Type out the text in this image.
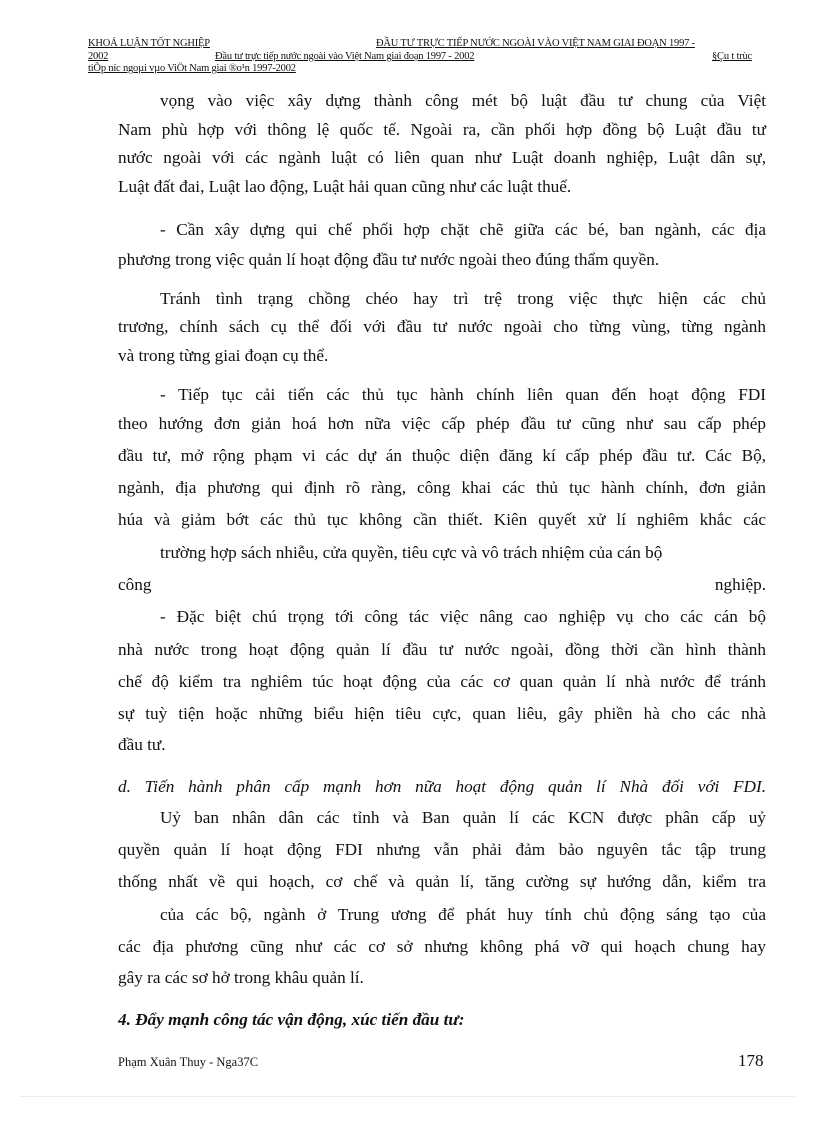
KHOÁ LUẬN TỐT NGHIỆP	ĐẦU TƯ TRỰC TIẾP NƯỚC NGOÀI VÀO VIỆT NAM GIAI ĐOẠN 1997 -
2002	Đầu tư trực tiếp nước ngoài vào Việt Nam giai đoạn 1997 - 2002	§Çu t trùc
tiÕp níc ngoµi vµo ViÖt Nam giai ®o¹n 1997-2002
vọng vào việc xây dựng thành công mét bộ luật đầu tư chung của Việt
Nam phù hợp với thông lệ quốc tế. Ngoài ra, cần phối hợp đồng bộ Luật đầu tư
nước ngoài với các ngành luật có liên quan như Luật doanh nghiệp, Luật dân sự,
Luật đất đai, Luật lao động, Luật hải quan cũng như các luật thuế.
- Cần xây dựng qui chế phối hợp chặt chẽ giữa các bé, ban ngành, các địa
phương trong việc quản lí hoạt động đầu tư nước ngoài theo đúng thẩm quyền.
Tránh tình trạng chồng chéo hay trì trệ trong việc thực hiện các chủ
trương, chính sách cụ thể đối với đầu tư nước ngoài cho từng vùng, từng ngành
và trong từng giai đoạn cụ thể.
- Tiếp tục cải tiến các thủ tục hành chính liên quan đến hoạt động FDI
theo hướng đơn giản hoá hơn nữa việc cấp phép đầu tư cũng như sau cấp phép
đầu tư, mở rộng phạm vi các dự án thuộc diện đăng kí cấp phép đầu tư. Các Bộ,
ngành, địa phương qui định rõ ràng, công khai các thủ tục hành chính, đơn giản
húa và giảm bớt các thủ tục không cần thiết. Kiên quyết xử lí nghiêm khắc các
trường hợp sách nhiễu, cửa quyền, tiêu cực và vô trách nhiệm của cán bộ
công nghiệp.
- Đặc biệt chú trọng tới công tác việc nâng cao nghiệp vụ cho các cán bộ
nhà nước trong hoạt động quản lí đầu tư nước ngoài, đồng thời cần hình thành
chế độ kiểm tra nghiêm túc hoạt động của các cơ quan quản lí nhà nước để tránh
sự tuỳ tiện hoặc những biểu hiện tiêu cực, quan liêu, gây phiền hà cho các nhà
đầu tư.
d. Tiến hành phân cấp mạnh hơn nữa hoạt động quản lí Nhà đối với FDI.
Uỷ ban nhân dân các tỉnh và Ban quản lí các KCN được phân cấp uỷ
quyền quản lí hoạt động FDI nhưng vẫn phải đảm bảo nguyên tắc tập trung
thống nhất về qui hoạch, cơ chế và quản lí, tăng cường sự hướng dẫn, kiểm tra
của các bộ, ngành ở Trung ương để phát huy tính chủ động sáng tạo của
các địa phương cũng như các cơ sở nhưng không phá vỡ qui hoạch chung hay
gây ra các sơ hở trong khâu quản lí.
4. Đẩy mạnh công tác vận động, xúc tiến đầu tư:
Phạm Xuân Thuy - Nga37C	178
